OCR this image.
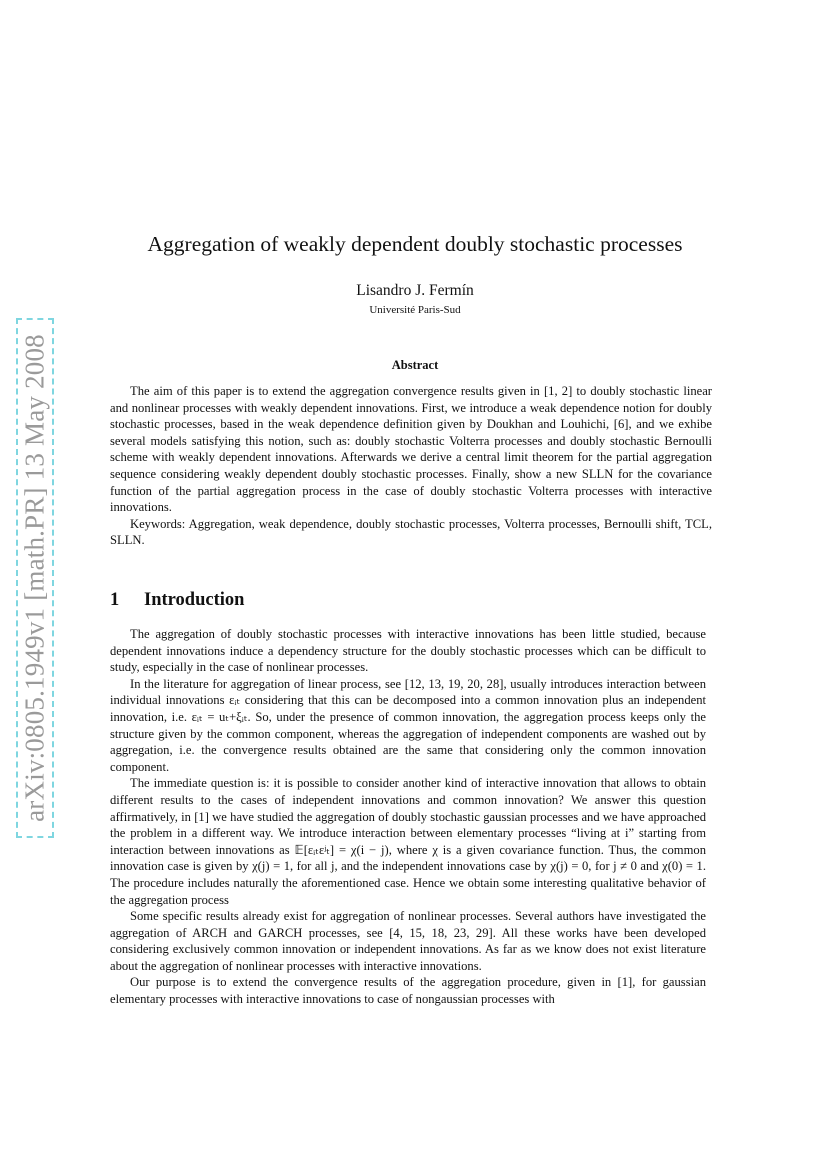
arXiv:0805.1949v1 [math.PR] 13 May 2008
Aggregation of weakly dependent doubly stochastic processes
Lisandro J. Fermín
Université Paris-Sud
Abstract

The aim of this paper is to extend the aggregation convergence results given in [1, 2] to doubly stochastic linear and nonlinear processes with weakly dependent innovations. First, we introduce a weak dependence notion for doubly stochastic processes, based in the weak dependence definition given by Doukhan and Louhichi, [6], and we exhibe several models satisfying this notion, such as: doubly stochastic Volterra processes and doubly stochastic Bernoulli scheme with weakly dependent innovations. Afterwards we derive a central limit theorem for the partial aggregation sequence considering weakly dependent doubly stochastic processes. Finally, show a new SLLN for the covariance function of the partial aggregation process in the case of doubly stochastic Volterra processes with interactive innovations.

Keywords: Aggregation, weak dependence, doubly stochastic processes, Volterra processes, Bernoulli shift, TCL, SLLN.

1 Introduction

The aggregation of doubly stochastic processes with interactive innovations has been little studied, because dependent innovations induce a dependency structure for the doubly stochastic processes which can be difficult to study, especially in the case of nonlinear processes.

In the literature for aggregation of linear process, see [12, 13, 19, 20, 28], usually introduces interaction between individual innovations εᵢₜ considering that this can be decomposed into a common innovation plus an independent innovation, i.e. εᵢₜ = uₜ+ξᵢₜ. So, under the presence of common innovation, the aggregation process keeps only the structure given by the common component, whereas the aggregation of independent components are washed out by aggregation, i.e. the convergence results obtained are the same that considering only the common innovation component.

The immediate question is: it is possible to consider another kind of interactive innovation that allows to obtain different results to the cases of independent innovations and common innovation? We answer this question affirmatively, in [1] we have studied the aggregation of doubly stochastic gaussian processes and we have approached the problem in a different way. We introduce interaction between elementary processes “living at i” starting from interaction between innovations as 𝔼[εᵢₜεʲₜ] = χ(i − j), where χ is a given covariance function. Thus, the common innovation case is given by χ(j) = 1, for all j, and the independent innovations case by χ(j) = 0, for j ≠ 0 and χ(0) = 1. The procedure includes naturally the aforementioned case. Hence we obtain some interesting qualitative behavior of the aggregation process

Some specific results already exist for aggregation of nonlinear processes. Several authors have investigated the aggregation of ARCH and GARCH processes, see [4, 15, 18, 23, 29]. All these works have been developed considering exclusively common innovation or independent innovations. As far as we know does not exist literature about the aggregation of nonlinear processes with interactive innovations.

Our purpose is to extend the convergence results of the aggregation procedure, given in [1], for gaussian elementary processes with interactive innovations to case of nongaussian processes with
